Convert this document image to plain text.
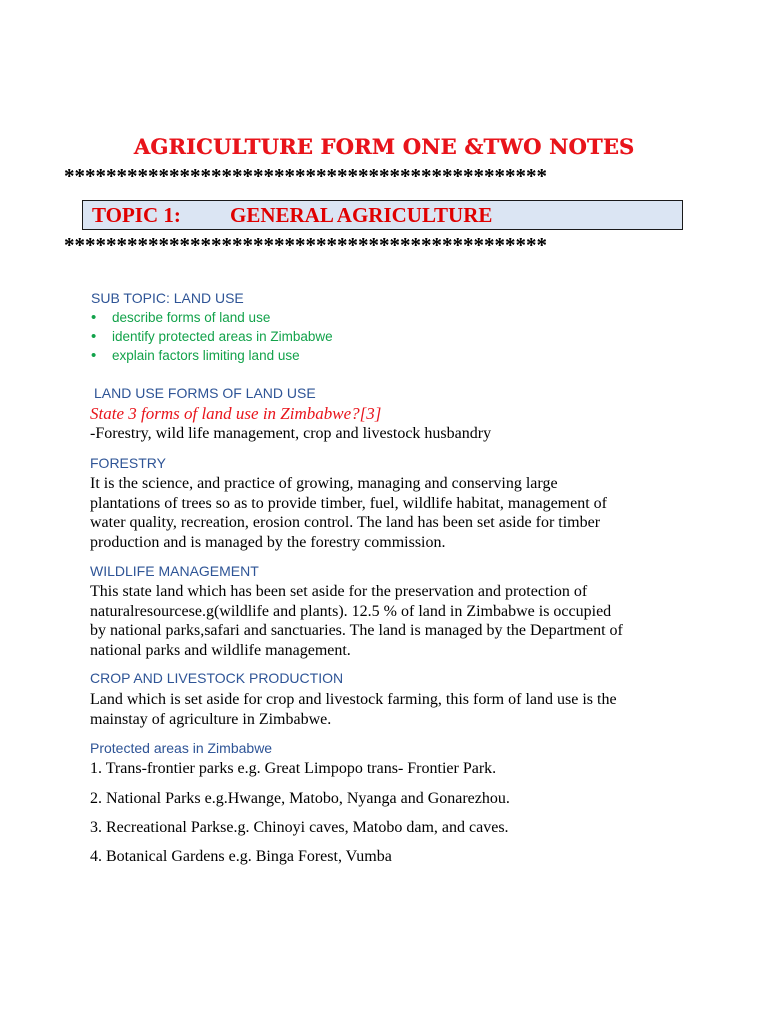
AGRICULTURE FORM ONE &TWO NOTES
**********************************************
TOPIC 1: GENERAL AGRICULTURE
**********************************************
SUB TOPIC: LAND USE
• describe forms of land use
• identify protected areas in Zimbabwe
• explain factors limiting land use
LAND USE FORMS OF LAND USE
State 3 forms of land use in Zimbabwe?[3]
-Forestry, wild life management, crop and livestock husbandry
FORESTRY
It is the science, and practice of growing, managing and conserving large
plantations of trees so as to provide timber, fuel, wildlife habitat, management of
water quality, recreation, erosion control. The land has been set aside for timber
production and is managed by the forestry commission.
WILDLIFE MANAGEMENT
This state land which has been set aside for the preservation and protection of
naturalresourcese.g(wildlife and plants). 12.5 % of land in Zimbabwe is occupied
by national parks,safari and sanctuaries. The land is managed by the Department of
national parks and wildlife management.
CROP AND LIVESTOCK PRODUCTION
Land which is set aside for crop and livestock farming, this form of land use is the
mainstay of agriculture in Zimbabwe.
Protected areas in Zimbabwe
1. Trans-frontier parks e.g. Great Limpopo trans- Frontier Park.
2. National Parks e.g.Hwange, Matobo, Nyanga and Gonarezhou.
3. Recreational Parkse.g. Chinoyi caves, Matobo dam, and caves.
4. Botanical Gardens e.g. Binga Forest, Vumba
